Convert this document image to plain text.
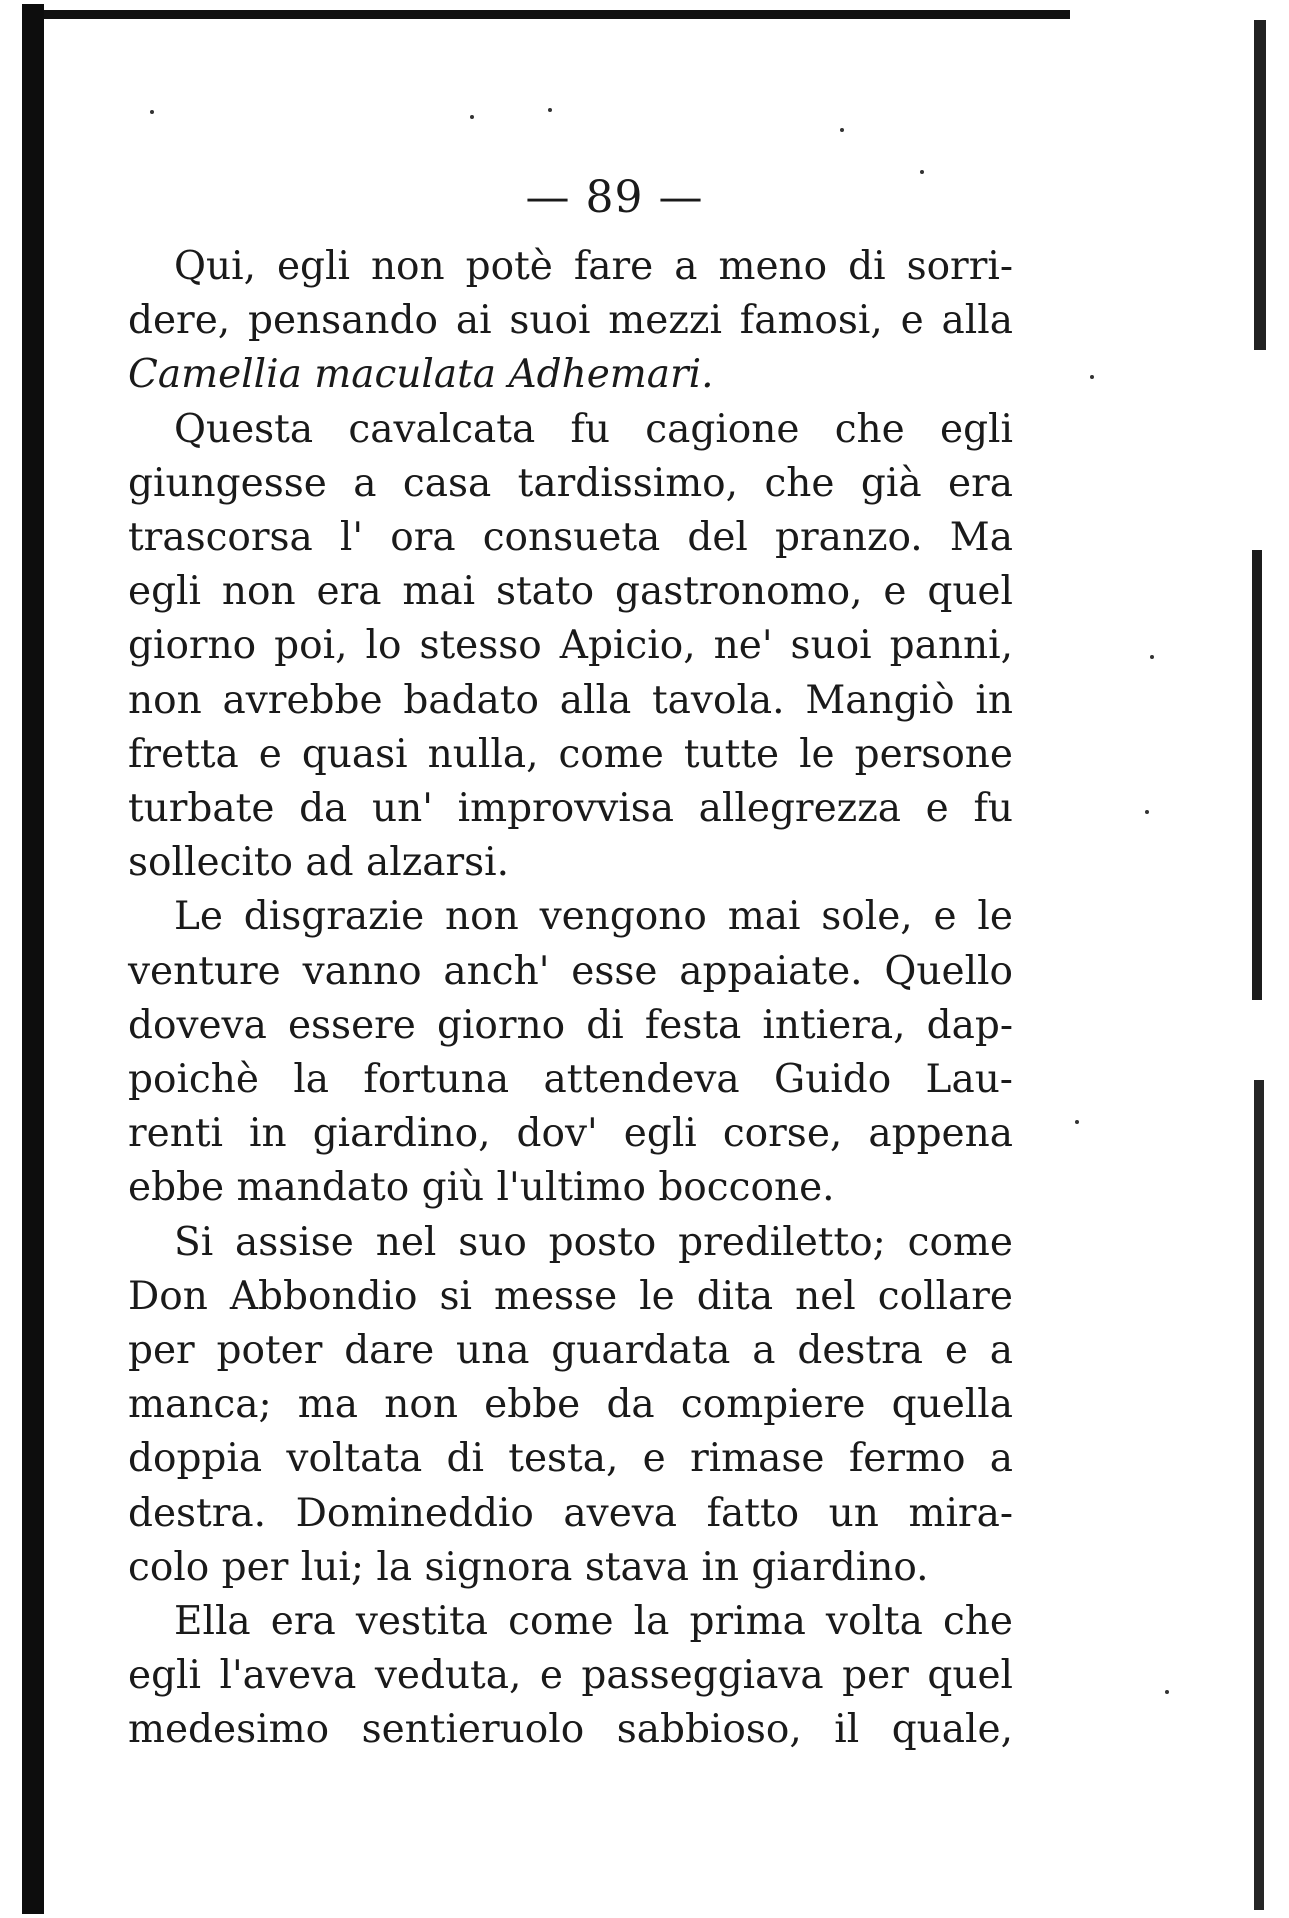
— 89 —
Qui, egli non potè fare a meno di sorri-
dere, pensando ai suoi mezzi famosi, e alla
Camellia maculata Adhemari.
Questa cavalcata fu cagione che egli
giungesse a casa tardissimo, che già era
trascorsa l' ora consueta del pranzo. Ma
egli non era mai stato gastronomo, e quel
giorno poi, lo stesso Apicio, ne' suoi panni,
non avrebbe badato alla tavola. Mangiò in
fretta e quasi nulla, come tutte le persone
turbate da un' improvvisa allegrezza e fu
sollecito ad alzarsi.
Le disgrazie non vengono mai sole, e le
venture vanno anch' esse appaiate. Quello
doveva essere giorno di festa intiera, dap-
poichè la fortuna attendeva Guido Lau-
renti in giardino, dov' egli corse, appena
ebbe mandato giù l'ultimo boccone.
Si assise nel suo posto prediletto; come
Don Abbondio si messe le dita nel collare
per poter dare una guardata a destra e a
manca; ma non ebbe da compiere quella
doppia voltata di testa, e rimase fermo a
destra. Domineddio aveva fatto un mira-
colo per lui; la signora stava in giardino.
Ella era vestita come la prima volta che
egli l'aveva veduta, e passeggiava per quel
medesimo sentieruolo sabbioso, il quale,
